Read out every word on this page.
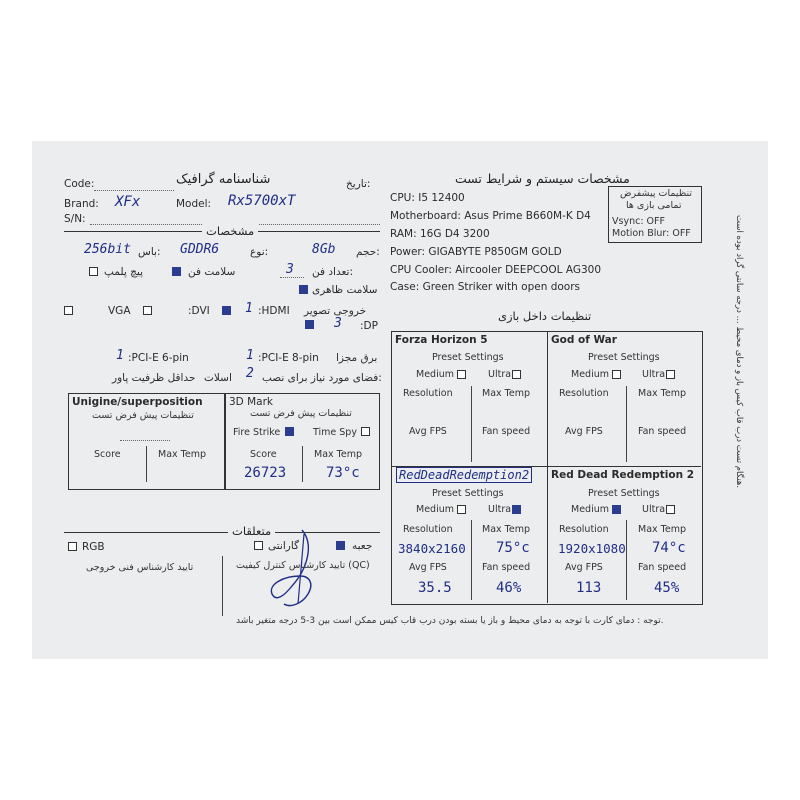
شناسنامه گرافیک	تاریخ:
Code:
Brand: XFx	Model: Rx5700xT
S/N:
مشخصات
256bit باس: GDDR6	نوع:	8Gb حجم:
پیچ پلمپ	سلامت فن	3 تعداد فن:
سلامت ظاهری
VGA	:DVI	1 :HDMI خروجی تصویر
3 :DP
1 :PCI-E 6-pin	1 :PCI-E 8-pin برق مجزا
حداقل ظرفیت پاور اسلات 2 فضای مورد نیاز برای نصب:
Unigine/superposition
تنظیمات پیش فرض تست
Score	Max Temp
3D Mark
تنظیمات پیش فرض تست
Fire Strike	Time Spy
Score	Max Temp
26723	73°c
متعلقات
RGB	گارانتی	جعبه
تایید کارشناس فنی خروجی	تایید کارشناس کنترل کیفیت (QC)
مشخصات سیستم و شرایط تست
CPU: I5 12400
Motherboard: Asus Prime B660M-K D4
RAM: 16G D4 3200
Power: GIGABYTE P850GM GOLD
CPU Cooler: Aircooler DEEPCOOL AG300
Case: Green Striker with open doors
تنظیمات پیشفرض
تمامی بازی ها
Vsync: OFF
Motion Blur: OFF
تنظیمات داخل بازی
Forza Horizon 5
Preset Settings
Medium	Ultra
Resolution	Max Temp
Avg FPS	Fan speed
God of War
Preset Settings
Medium	Ultra
Resolution	Max Temp
Avg FPS	Fan speed
RedDeadRedemption2
Preset Settings
Medium	Ultra
Resolution	Max Temp
3840x2160 75°c
Avg FPS	Fan speed
35.5	46%
Red Dead Redemption 2
Preset Settings
Medium	Ultra
Resolution	Max Temp
1920x1080 74°c
Avg FPS	Fan speed
113	45%
توجه : دمای کارت با توجه به دمای محیط و باز یا بسته بودن درب قاب کیس ممکن است بین 3-5 درجه متغیر باشد.
هنگام تست درب قاب کیس باز و دمای محیط ... درجه سانتی گراد بوده است.
